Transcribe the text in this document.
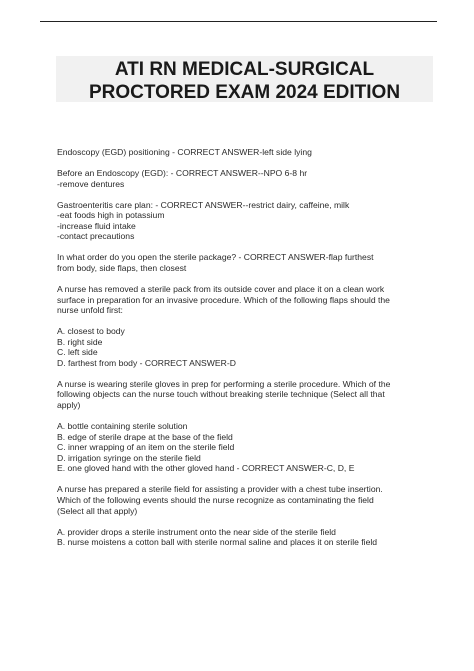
ATI RN MEDICAL-SURGICAL
PROCTORED EXAM 2024 EDITION
Endoscopy (EGD) positioning - CORRECT ANSWER-left side lying
Before an Endoscopy (EGD): - CORRECT ANSWER--NPO 6-8 hr
-remove dentures
Gastroenteritis care plan: - CORRECT ANSWER--restrict dairy, caffeine, milk
-eat foods high in potassium
-increase fluid intake
-contact precautions
In what order do you open the sterile package? - CORRECT ANSWER-flap furthest
from body, side flaps, then closest
A nurse has removed a sterile pack from its outside cover and place it on a clean work
surface in preparation for an invasive procedure. Which of the following flaps should the
nurse unfold first:
A. closest to body
B. right side
C. left side
D. farthest from body - CORRECT ANSWER-D
A nurse is wearing sterile gloves in prep for performing a sterile procedure. Which of the
following objects can the nurse touch without breaking sterile technique (Select all that
apply)
A. bottle containing sterile solution
B. edge of sterile drape at the base of the field
C. inner wrapping of an item on the sterile field
D. irrigation syringe on the sterile field
E. one gloved hand with the other gloved hand - CORRECT ANSWER-C, D, E
A nurse has prepared a sterile field for assisting a provider with a chest tube insertion.
Which of the following events should the nurse recognize as contaminating the field
(Select all that apply)
A. provider drops a sterile instrument onto the near side of the sterile field
B. nurse moistens a cotton ball with sterile normal saline and places it on sterile field
